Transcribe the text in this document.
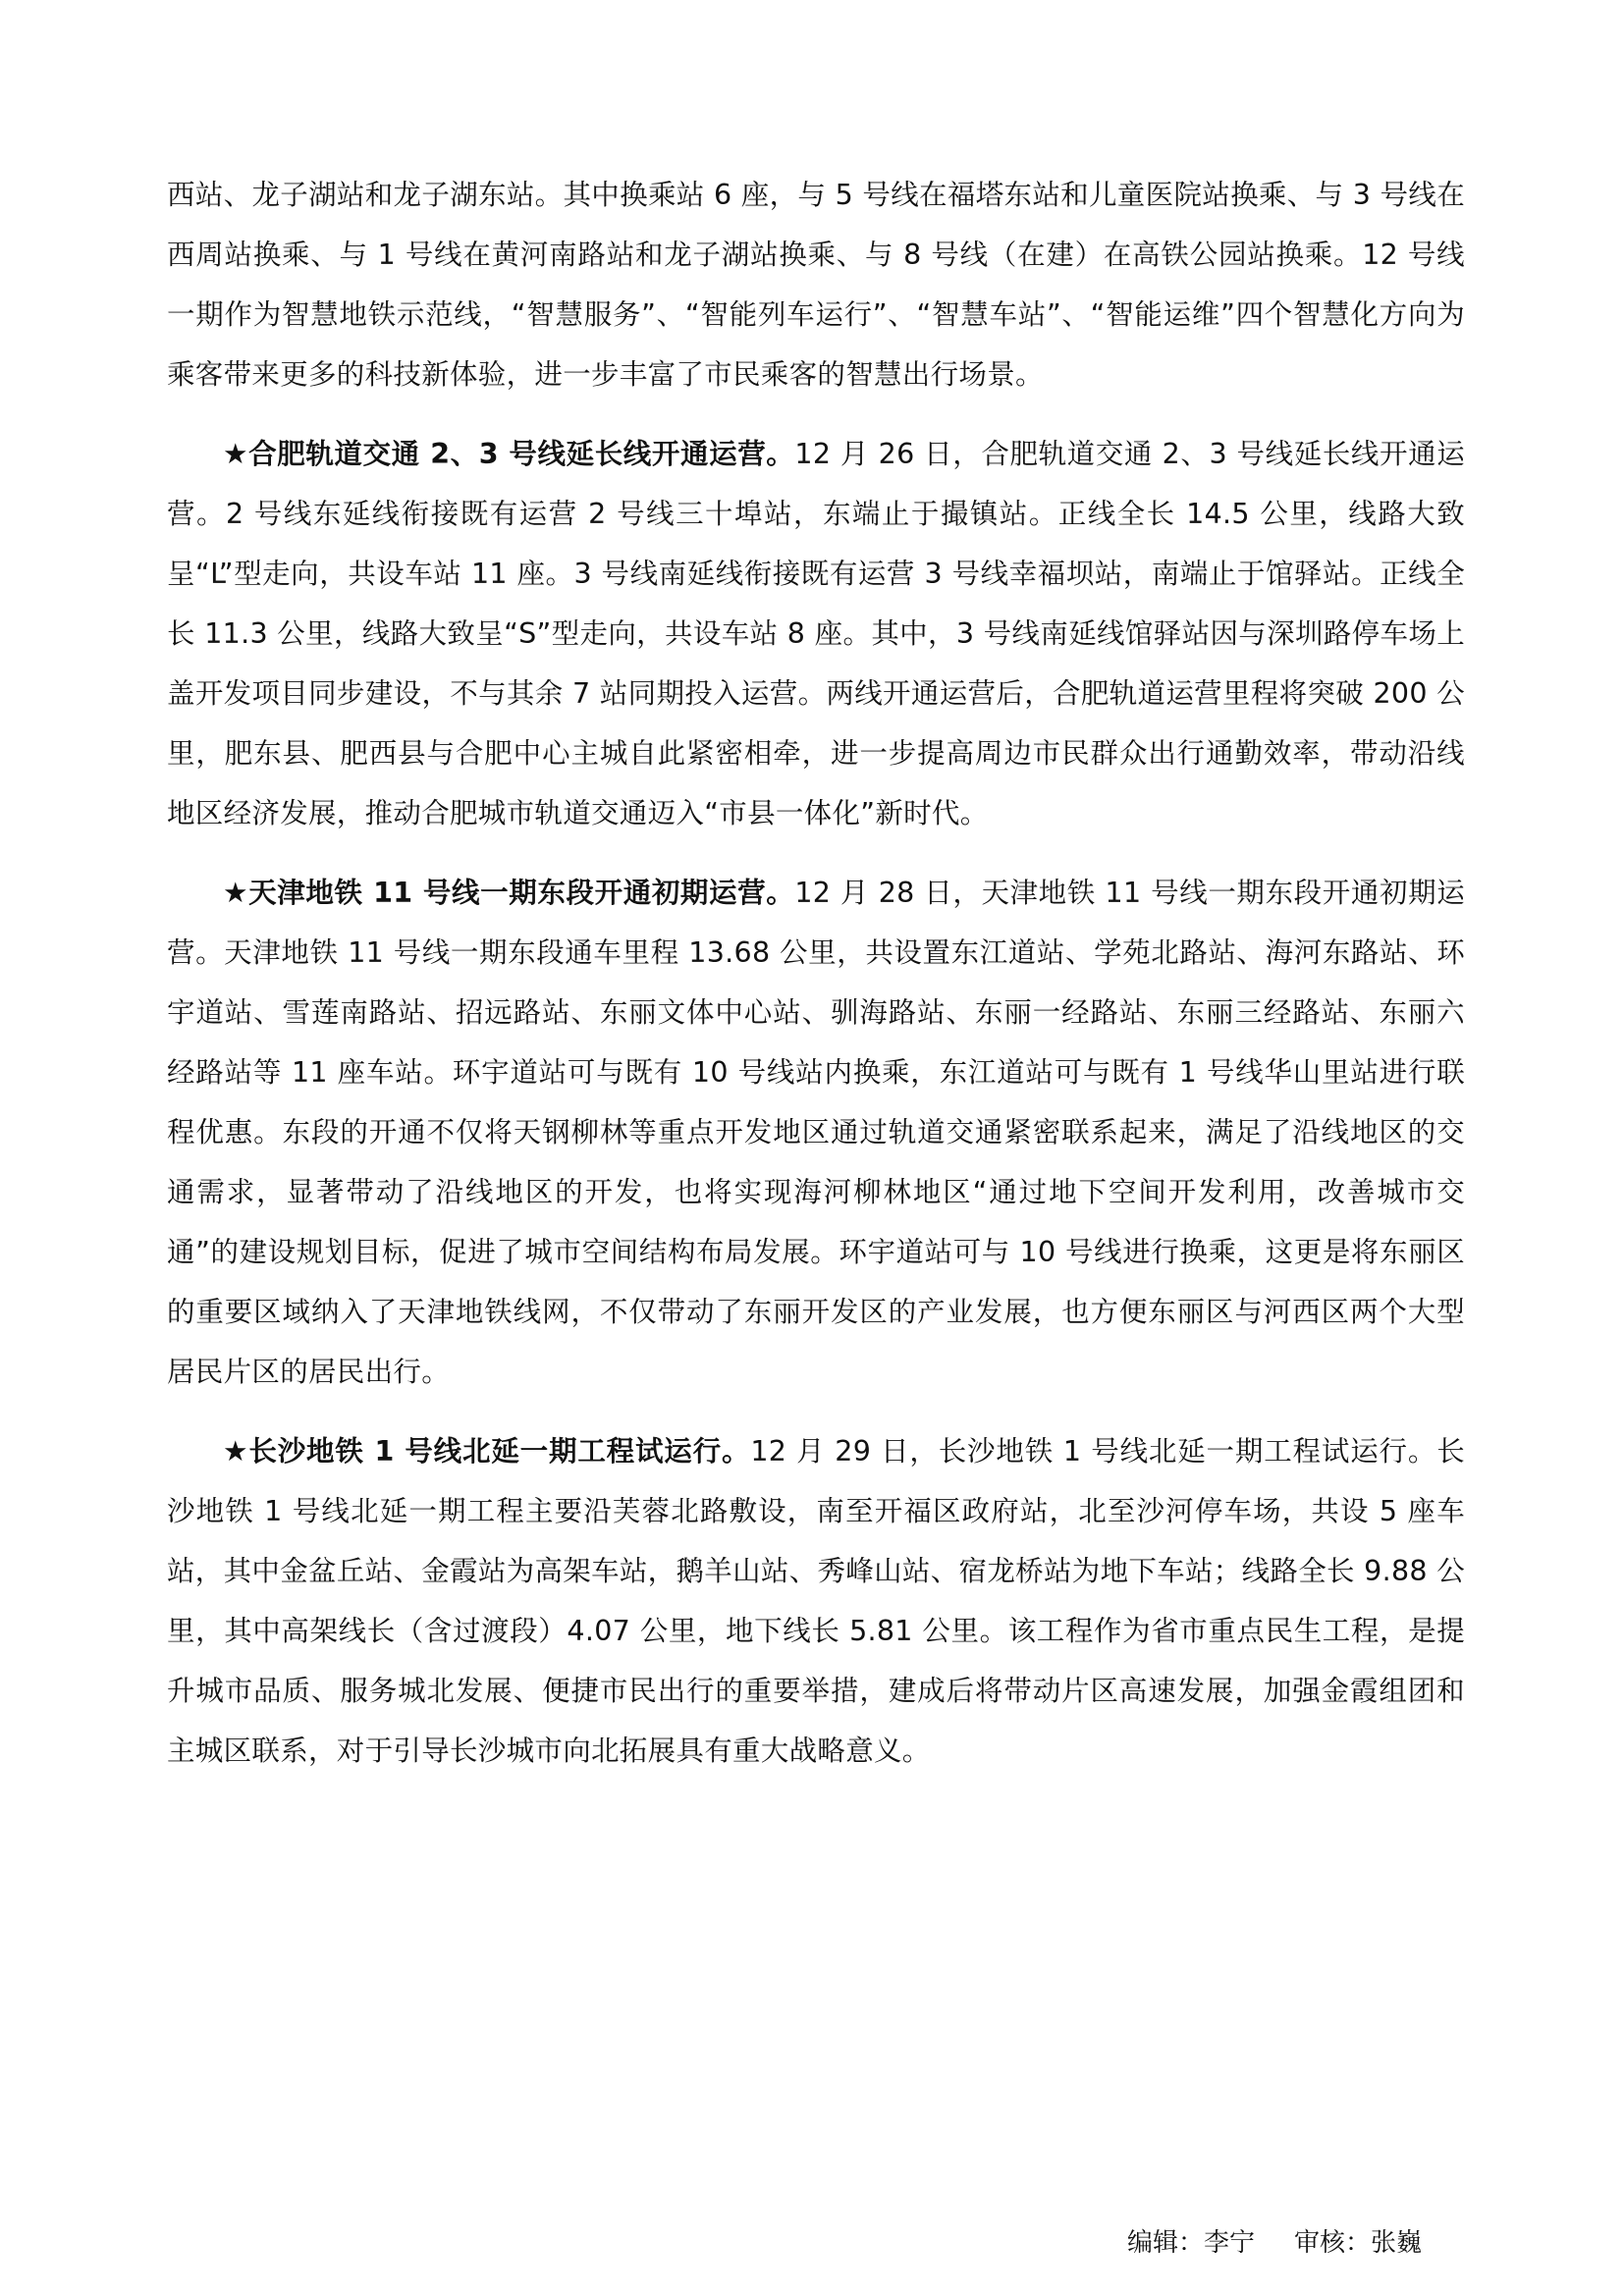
西站、龙子湖站和龙子湖东站。其中换乘站 6 座，与 5 号线在福塔东站和儿童医院站换乘、与 3 号线在西周站换乘、与 1 号线在黄河南路站和龙子湖站换乘、与 8 号线（在建）在高铁公园站换乘。12 号线一期作为智慧地铁示范线，“智慧服务”、“智能列车运行”、“智慧车站”、“智能运维”四个智慧化方向为乘客带来更多的科技新体验，进一步丰富了市民乘客的智慧出行场景。

★合肥轨道交通 2、3 号线延长线开通运营。12 月 26 日，合肥轨道交通 2、3 号线延长线开通运营。2 号线东延线衔接既有运营 2 号线三十埠站，东端止于撮镇站。正线全长 14.5 公里，线路大致呈“L”型走向，共设车站 11 座。3 号线南延线衔接既有运营 3 号线幸福坝站，南端止于馆驿站。正线全长 11.3 公里，线路大致呈“S”型走向，共设车站 8 座。其中，3 号线南延线馆驿站因与深圳路停车场上盖开发项目同步建设，不与其余 7 站同期投入运营。两线开通运营后，合肥轨道运营里程将突破 200 公里，肥东县、肥西县与合肥中心主城自此紧密相牵，进一步提高周边市民群众出行通勤效率，带动沿线地区经济发展，推动合肥城市轨道交通迈入“市县一体化”新时代。

★天津地铁 11 号线一期东段开通初期运营。12 月 28 日，天津地铁 11 号线一期东段开通初期运营。天津地铁 11 号线一期东段通车里程 13.68 公里，共设置东江道站、学苑北路站、海河东路站、环宇道站、雪莲南路站、招远路站、东丽文体中心站、驯海路站、东丽一经路站、东丽三经路站、东丽六经路站等 11 座车站。环宇道站可与既有 10 号线站内换乘，东江道站可与既有 1 号线华山里站进行联程优惠。东段的开通不仅将天钢柳林等重点开发地区通过轨道交通紧密联系起来，满足了沿线地区的交通需求，显著带动了沿线地区的开发，也将实现海河柳林地区“通过地下空间开发利用，改善城市交通”的建设规划目标，促进了城市空间结构布局发展。环宇道站可与 10 号线进行换乘，这更是将东丽区的重要区域纳入了天津地铁线网，不仅带动了东丽开发区的产业发展，也方便东丽区与河西区两个大型居民片区的居民出行。

★长沙地铁 1 号线北延一期工程试运行。12 月 29 日，长沙地铁 1 号线北延一期工程试运行。长沙地铁 1 号线北延一期工程主要沿芙蓉北路敷设，南至开福区政府站，北至沙河停车场，共设 5 座车站，其中金盆丘站、金霞站为高架车站，鹅羊山站、秀峰山站、宿龙桥站为地下车站；线路全长 9.88 公里，其中高架线长（含过渡段）4.07 公里，地下线长 5.81 公里。该工程作为省市重点民生工程，是提升城市品质、服务城北发展、便捷市民出行的重要举措，建成后将带动片区高速发展，加强金霞组团和主城区联系，对于引导长沙城市向北拓展具有重大战略意义。

编辑：李宁 审核：张巍
